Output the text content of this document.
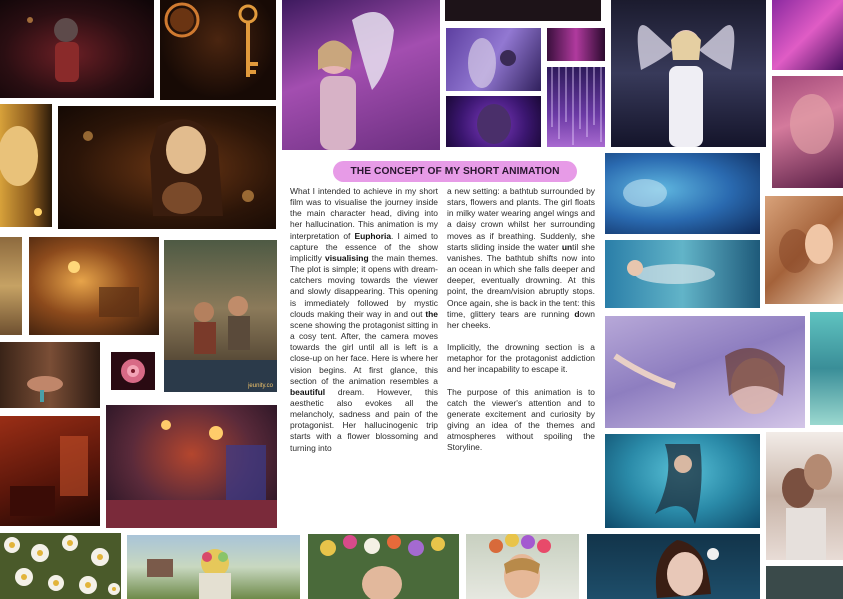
jeunity.co
THE CONCEPT OF MY SHORT ANIMATION

What I intended to achieve in my short film was to visualise the journey inside the main character head, diving into her hallucination. This animation is my interpretation of Euphoria. I aimed to capture the essence of the show implicitly visualising the main themes. The plot is simple; it opens with dream-catchers moving towards the viewer and slowly disappearing. This opening is immediately followed by mystic clouds making their way in and out the scene showing the protagonist sitting in a cosy tent. After, the camera moves towards the girl until all is left is a close-up on her face. Here is where her vision begins. At first glance, this section of the animation resembles a beautiful dream. However, this aesthetic also evokes all the melancholy, sadness and pain of the protagonist. Her hallucinogenic trip starts with a flower blossoming and turning into

a new setting: a bathtub surrounded by stars, flowers and plants. The girl floats in milky water wearing angel wings and a daisy crown whilst her surrounding moves as if breathing. Suddenly, she starts sliding inside the water until she vanishes. The bathtub shifts now into an ocean in which she falls deeper and deeper, eventually drowning. At this point, the dream/vision abruptly stops. Once again, she is back in the tent: this time, glittery tears are running down her cheeks.

Implicitly, the drowning section is a metaphor for the protagonist addiction and her incapability to escape it.

The purpose of this animation is to catch the viewer's attention and to generate excitement and curiosity by giving an idea of the themes and atmospheres without spoiling the Storyline.
